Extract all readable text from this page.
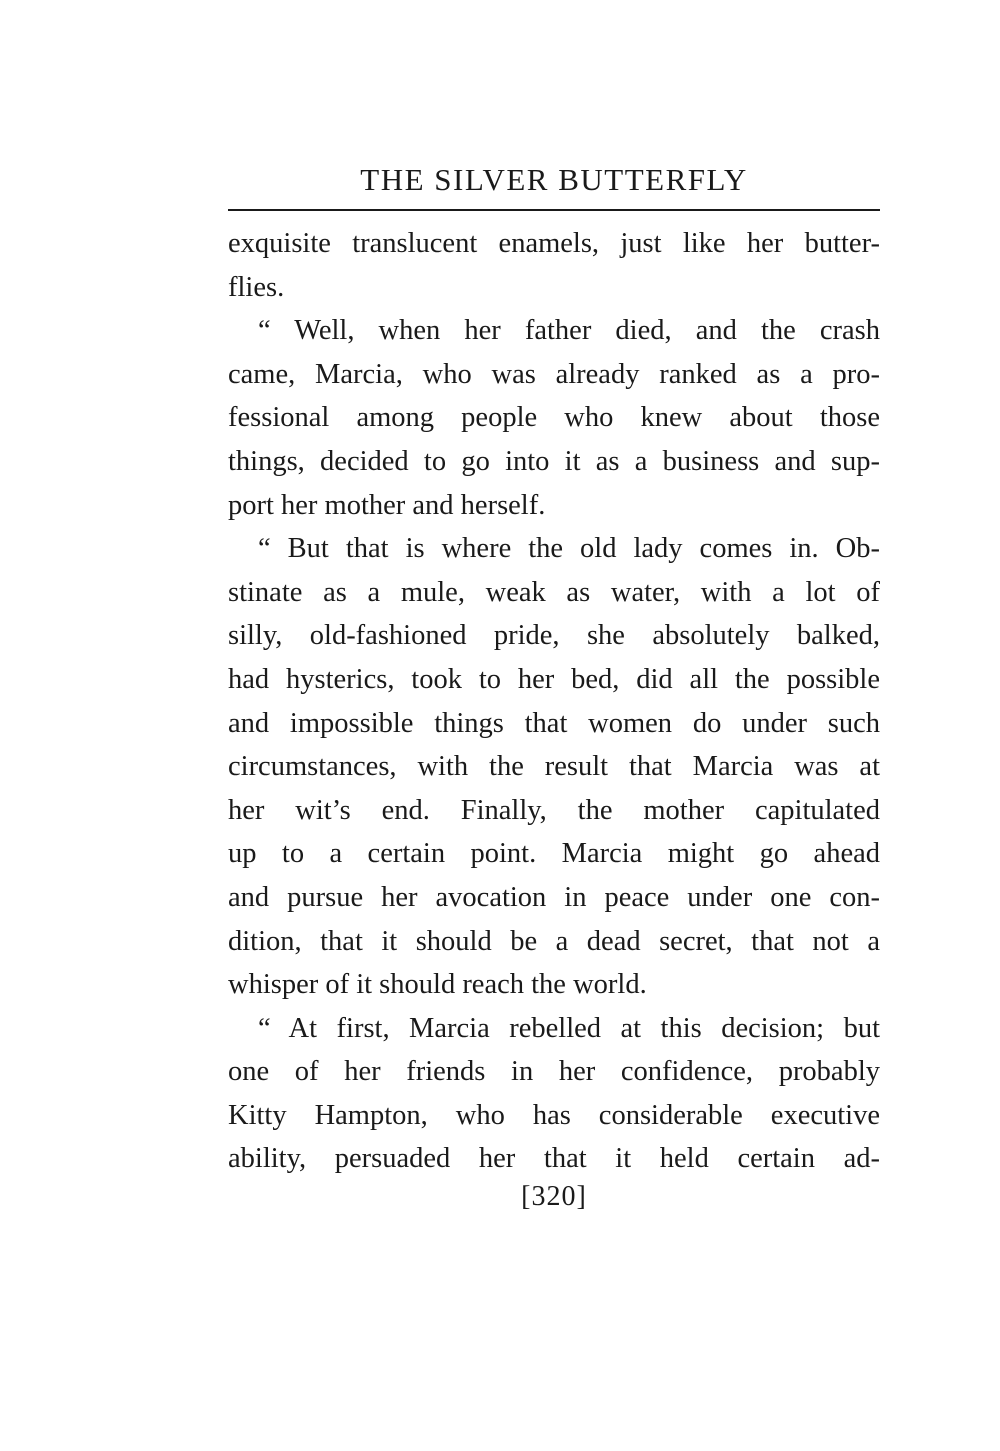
THE SILVER BUTTERFLY
exquisite translucent enamels, just like her butter-
flies.
“ Well, when her father died, and the crash
came, Marcia, who was already ranked as a pro-
fessional among people who knew about those
things, decided to go into it as a business and sup-
port her mother and herself.
“ But that is where the old lady comes in. Ob-
stinate as a mule, weak as water, with a lot of
silly, old-fashioned pride, she absolutely balked,
had hysterics, took to her bed, did all the possible
and impossible things that women do under such
circumstances, with the result that Marcia was at
her wit’s end. Finally, the mother capitulated
up to a certain point. Marcia might go ahead
and pursue her avocation in peace under one con-
dition, that it should be a dead secret, that not a
whisper of it should reach the world.
“ At first, Marcia rebelled at this decision; but
one of her friends in her confidence, probably
Kitty Hampton, who has considerable executive
ability, persuaded her that it held certain ad-
[320]
